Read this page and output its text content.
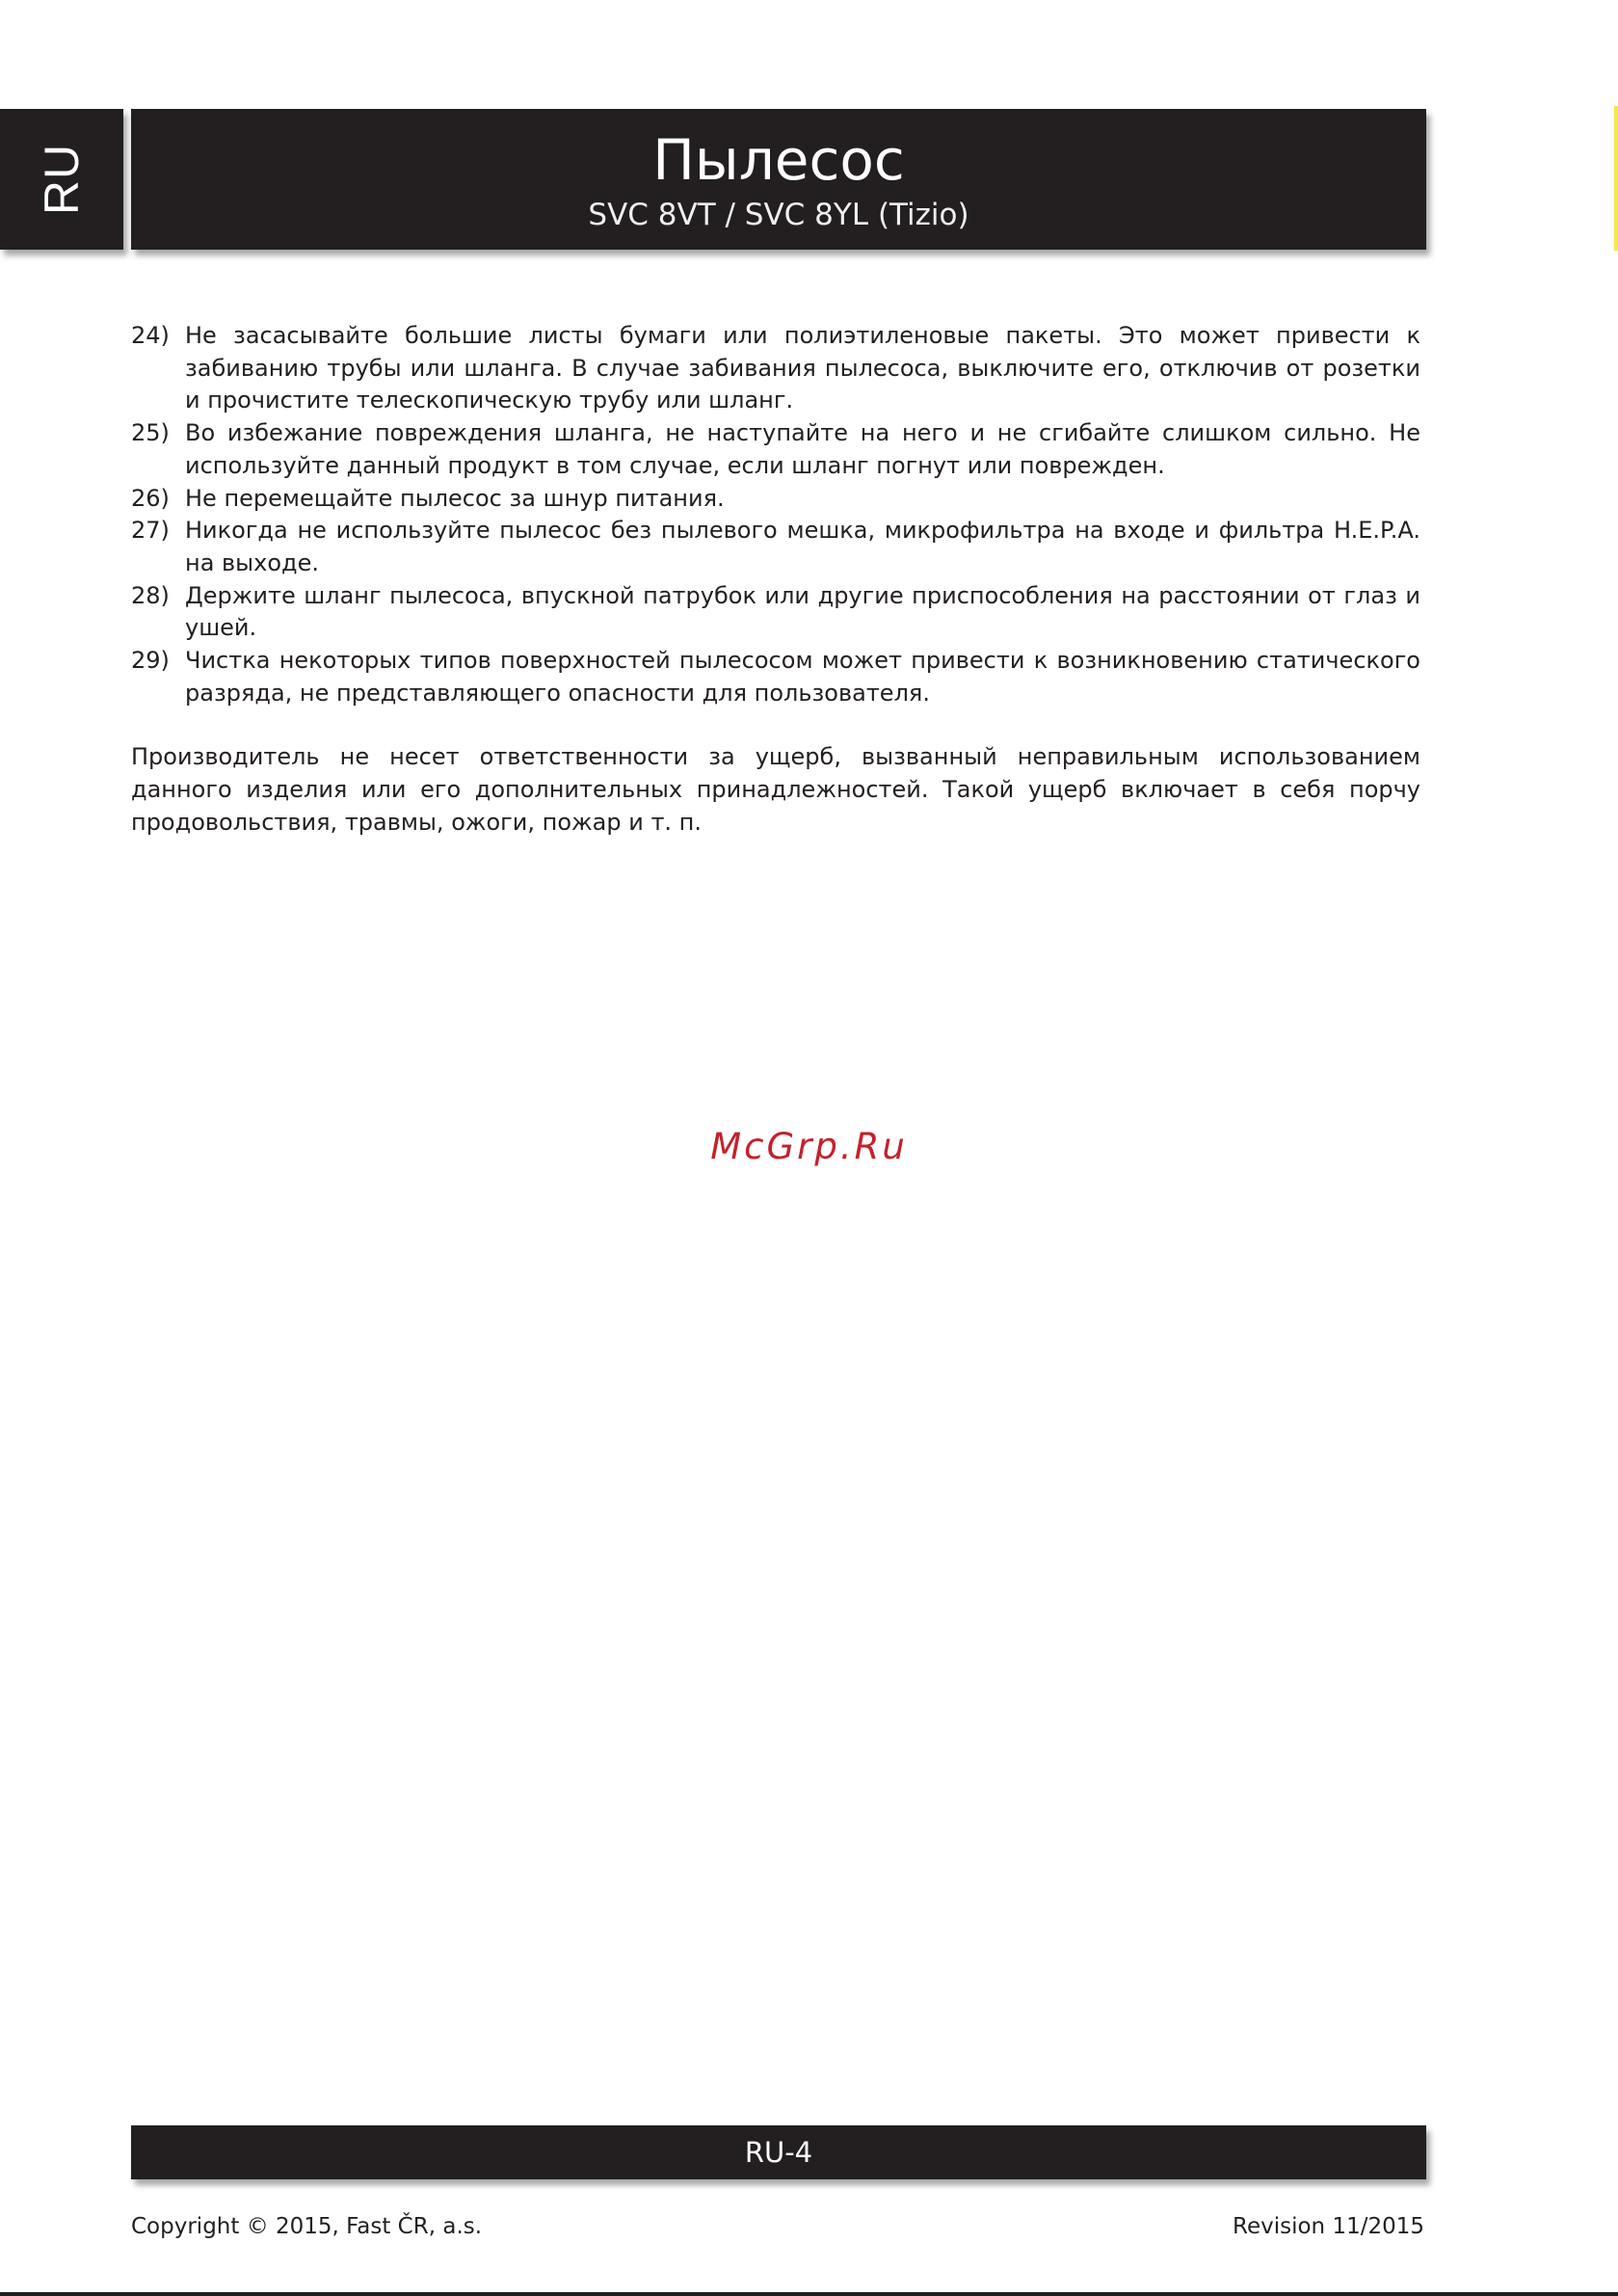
RU	Пылесос
SVC 8VT / SVC 8YL (Tizio)
24) Не засасывайте большие листы бумаги или полиэтиленовые пакеты. Это может привести к забиванию трубы или шланга. В случае забивания пылесоса, выключите его, отключив от розетки и прочистите телескопическую трубу или шланг.
25) Во избежание повреждения шланга, не наступайте на него и не сгибайте слишком сильно. Не используйте данный продукт в том случае, если шланг погнут или поврежден.
26) Не перемещайте пылесос за шнур питания.
27) Никогда не используйте пылесос без пылевого мешка, микрофильтра на входе и фильтра H.E.P.A. на выходе.
28) Держите шланг пылесоса, впускной патрубок или другие приспособления на расстоянии от глаз и ушей.
29) Чистка некоторых типов поверхностей пылесосом может привести к возникновению статического разряда, не представляющего опасности для пользователя.
Производитель не несет ответственности за ущерб, вызванный неправильным использованием данного изделия или его дополнительных принадлежностей. Такой ущерб включает в себя порчу продовольствия, травмы, ожоги, пожар и т. п.
McGrp.Ru
RU-4
Copyright © 2015, Fast ČR, a.s.	Revision 11/2015
